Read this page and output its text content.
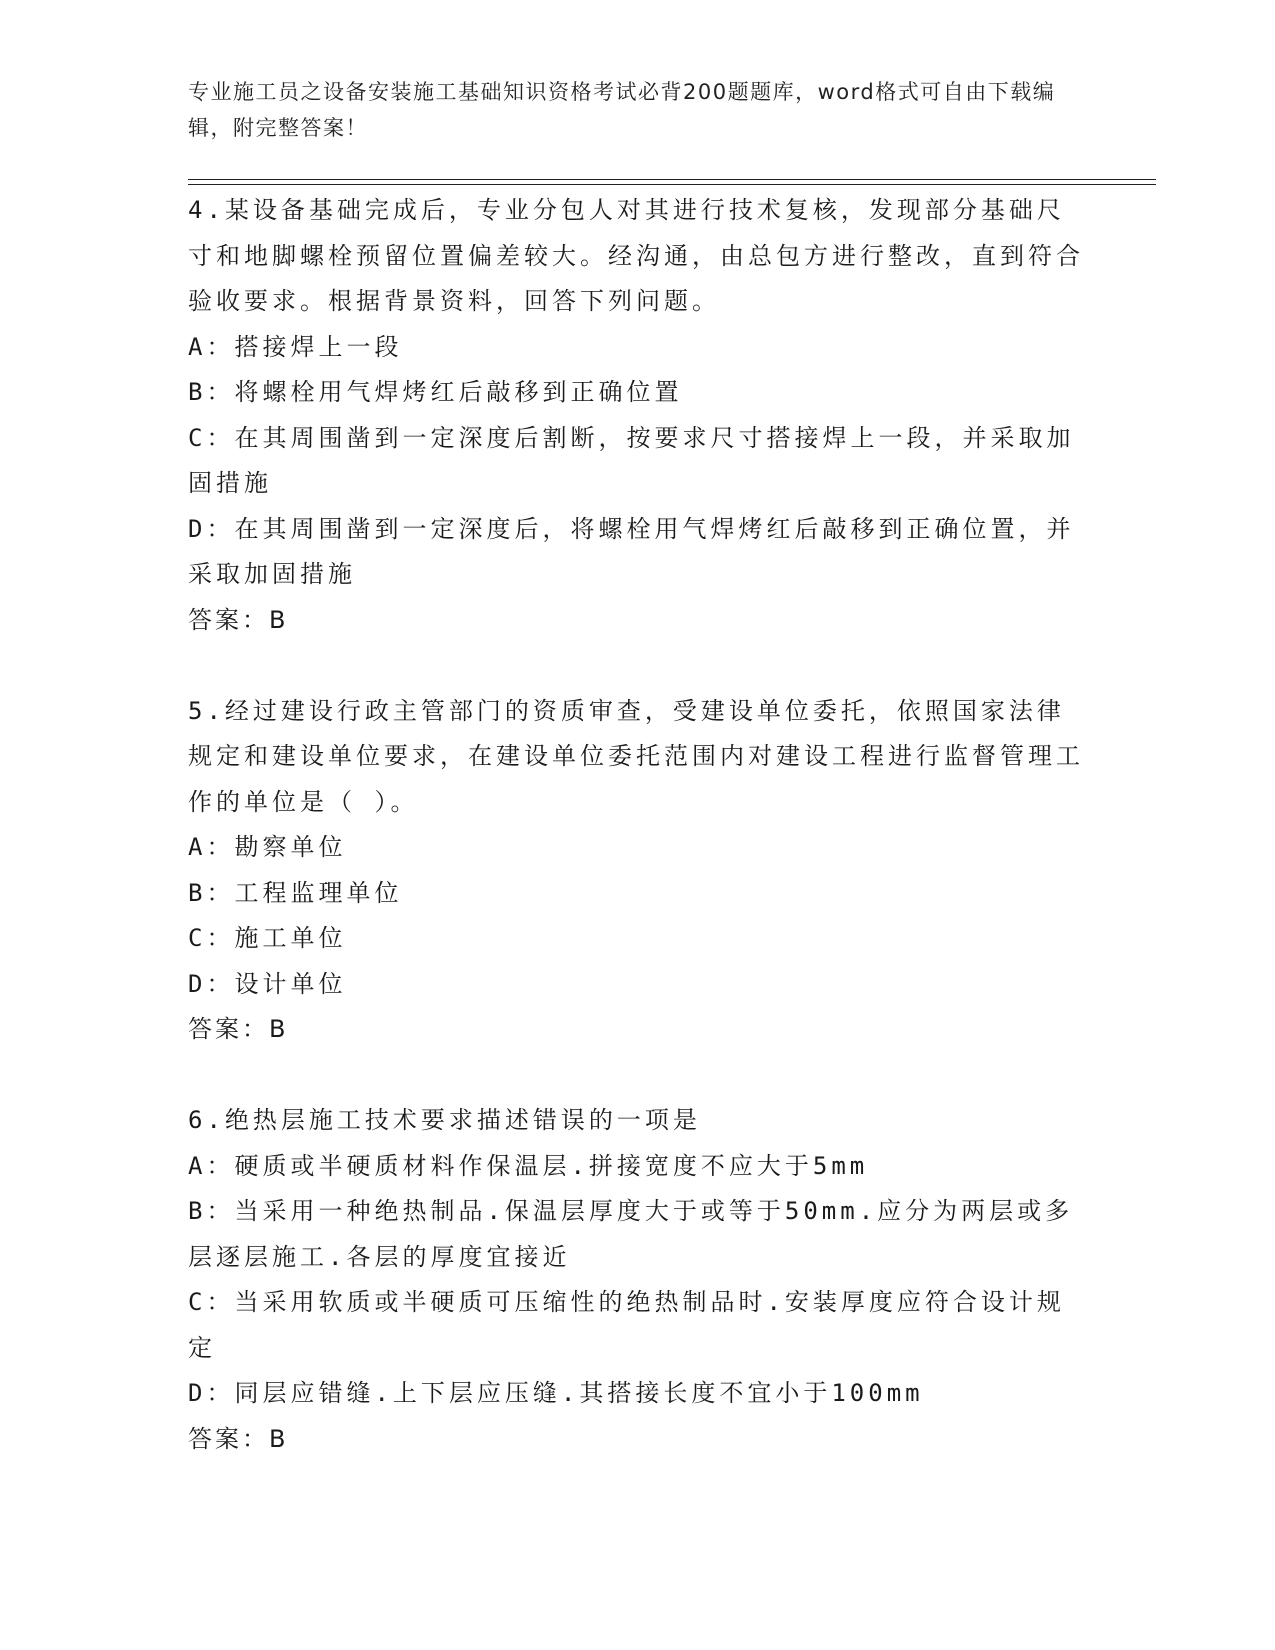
专业施工员之设备安装施工基础知识资格考试必背200题题库，word格式可自由下载编辑，附完整答案！

4.某设备基础完成后，专业分包人对其进行技术复核，发现部分基础尺寸和地脚螺栓预留位置偏差较大。经沟通，由总包方进行整改，直到符合验收要求。根据背景资料，回答下列问题。

A：搭接焊上一段

B：将螺栓用气焊烤红后敲移到正确位置

C：在其周围凿到一定深度后割断，按要求尺寸搭接焊上一段，并采取加固措施

D：在其周围凿到一定深度后，将螺栓用气焊烤红后敲移到正确位置，并采取加固措施

答案：B

5.经过建设行政主管部门的资质审查，受建设单位委托，依照国家法律规定和建设单位要求，在建设单位委托范围内对建设工程进行监督管理工作的单位是（ ）。

A：勘察单位

B：工程监理单位

C：施工单位

D：设计单位

答案：B

6.绝热层施工技术要求描述错误的一项是

A：硬质或半硬质材料作保温层.拼接宽度不应大于5mm

B：当采用一种绝热制品.保温层厚度大于或等于50mm.应分为两层或多层逐层施工.各层的厚度宜接近

C：当采用软质或半硬质可压缩性的绝热制品时.安装厚度应符合设计规定

D：同层应错缝.上下层应压缝.其搭接长度不宜小于100mm

答案：B
